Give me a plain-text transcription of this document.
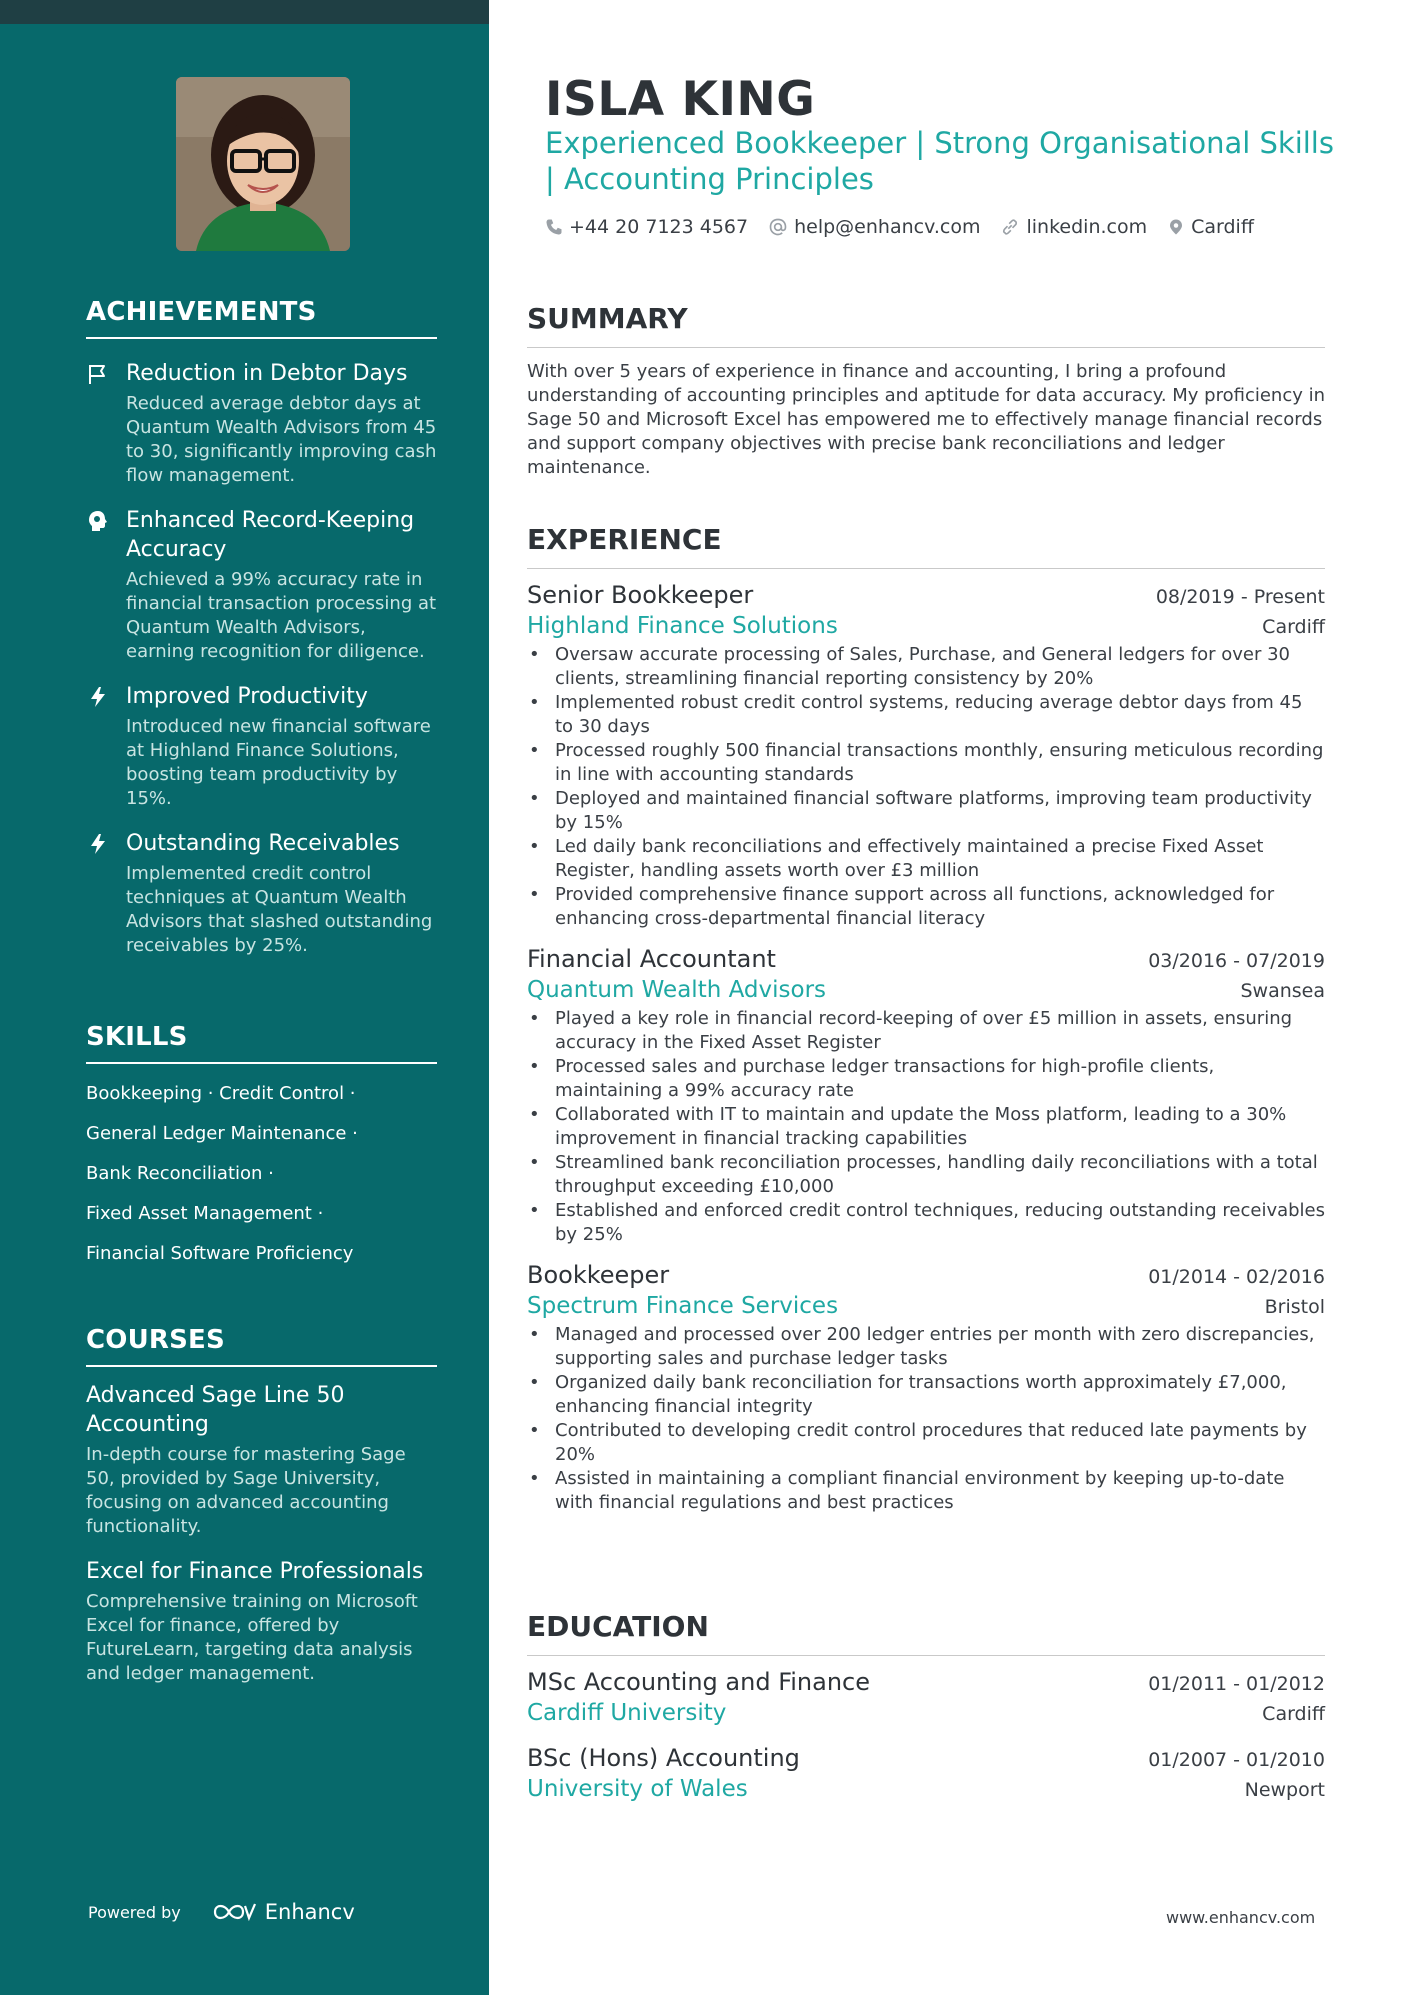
ACHIEVEMENTS
Reduction in Debtor Days
Reduced average debtor days at Quantum Wealth Advisors from 45 to 30, significantly improving cash flow management.
Enhanced Record-Keeping Accuracy
Achieved a 99% accuracy rate in financial transaction processing at Quantum Wealth Advisors, earning recognition for diligence.
Improved Productivity
Introduced new financial software at Highland Finance Solutions, boosting team productivity by 15%.
Outstanding Receivables
Implemented credit control techniques at Quantum Wealth Advisors that slashed outstanding receivables by 25%.
SKILLS
Bookkeeping · Credit Control ·
General Ledger Maintenance ·
Bank Reconciliation ·
Fixed Asset Management ·
Financial Software Proficiency
COURSES
Advanced Sage Line 50 Accounting
In-depth course for mastering Sage 50, provided by Sage University, focusing on advanced accounting functionality.
Excel for Finance Professionals
Comprehensive training on Microsoft Excel for finance, offered by FutureLearn, targeting data analysis and ledger management.
Powered by	Enhancv
ISLA KING
Experienced Bookkeeper | Strong Organisational Skills | Accounting Principles
+44 20 7123 4567 help@enhancv.com linkedin.com Cardiff
SUMMARY
With over 5 years of experience in finance and accounting, I bring a profound understanding of accounting principles and aptitude for data accuracy. My proficiency in Sage 50 and Microsoft Excel has empowered me to effectively manage financial records and support company objectives with precise bank reconciliations and ledger maintenance.
EXPERIENCE
Senior Bookkeeper	08/2019 - Present
Highland Finance Solutions	Cardiff
• Oversaw accurate processing of Sales, Purchase, and General ledgers for over 30 clients, streamlining financial reporting consistency by 20%
• Implemented robust credit control systems, reducing average debtor days from 45 to 30 days
• Processed roughly 500 financial transactions monthly, ensuring meticulous recording in line with accounting standards
• Deployed and maintained financial software platforms, improving team productivity by 15%
• Led daily bank reconciliations and effectively maintained a precise Fixed Asset Register, handling assets worth over £3 million
• Provided comprehensive finance support across all functions, acknowledged for enhancing cross-departmental financial literacy
Financial Accountant	03/2016 - 07/2019
Quantum Wealth Advisors	Swansea
• Played a key role in financial record-keeping of over £5 million in assets, ensuring accuracy in the Fixed Asset Register
• Processed sales and purchase ledger transactions for high-profile clients, maintaining a 99% accuracy rate
• Collaborated with IT to maintain and update the Moss platform, leading to a 30% improvement in financial tracking capabilities
• Streamlined bank reconciliation processes, handling daily reconciliations with a total throughput exceeding £10,000
• Established and enforced credit control techniques, reducing outstanding receivables by 25%
Bookkeeper	01/2014 - 02/2016
Spectrum Finance Services	Bristol
• Managed and processed over 200 ledger entries per month with zero discrepancies, supporting sales and purchase ledger tasks
• Organized daily bank reconciliation for transactions worth approximately £7,000, enhancing financial integrity
• Contributed to developing credit control procedures that reduced late payments by 20%
• Assisted in maintaining a compliant financial environment by keeping up-to-date with financial regulations and best practices
EDUCATION
MSc Accounting and Finance	01/2011 - 01/2012
Cardiff University	Cardiff
BSc (Hons) Accounting	01/2007 - 01/2010
University of Wales	Newport
www.enhancv.com
